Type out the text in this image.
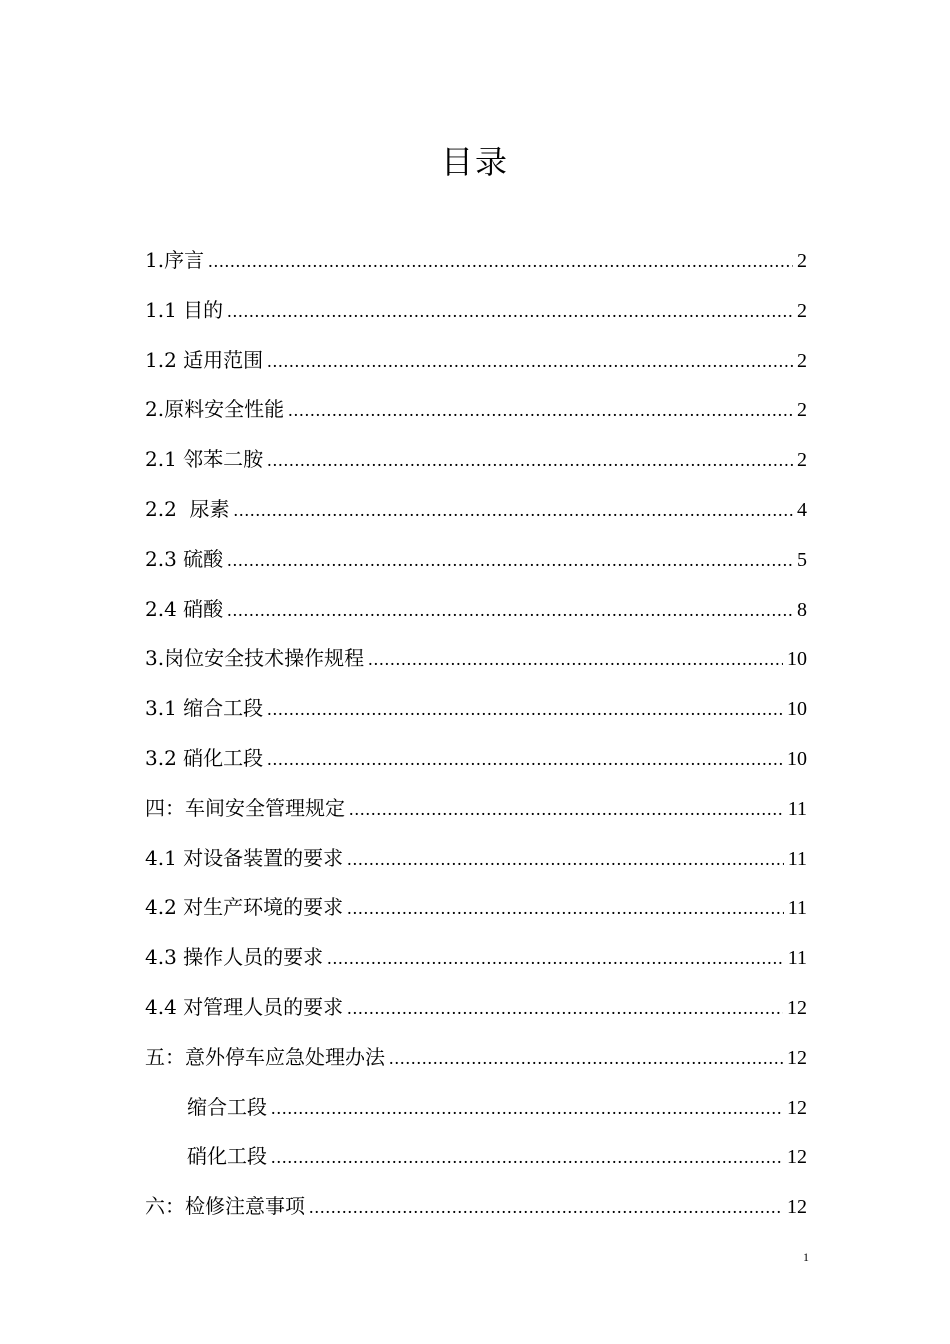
目录
1.序言 .....	2
1.1 目的 .....	2
1.2 适用范围 .....	2
2.原料安全性能 .....	2
2.1 邻苯二胺 .....	2
2.2  尿素 .....	4
2.3 硫酸 .....	5
2.4 硝酸 .....	8
3.岗位安全技术操作规程 .....	10
3.1 缩合工段 .....	10
3.2 硝化工段 .....	10
四：车间安全管理规定 .....	11
4.1 对设备装置的要求 .....	11
4.2 对生产环境的要求 .....	11
4.3 操作人员的要求 .....	11
4.4 对管理人员的要求 .....	12
五：意外停车应急处理办法 .....	12
缩合工段 .....	12
硝化工段 .....	12
六：检修注意事项 .....	12
1
